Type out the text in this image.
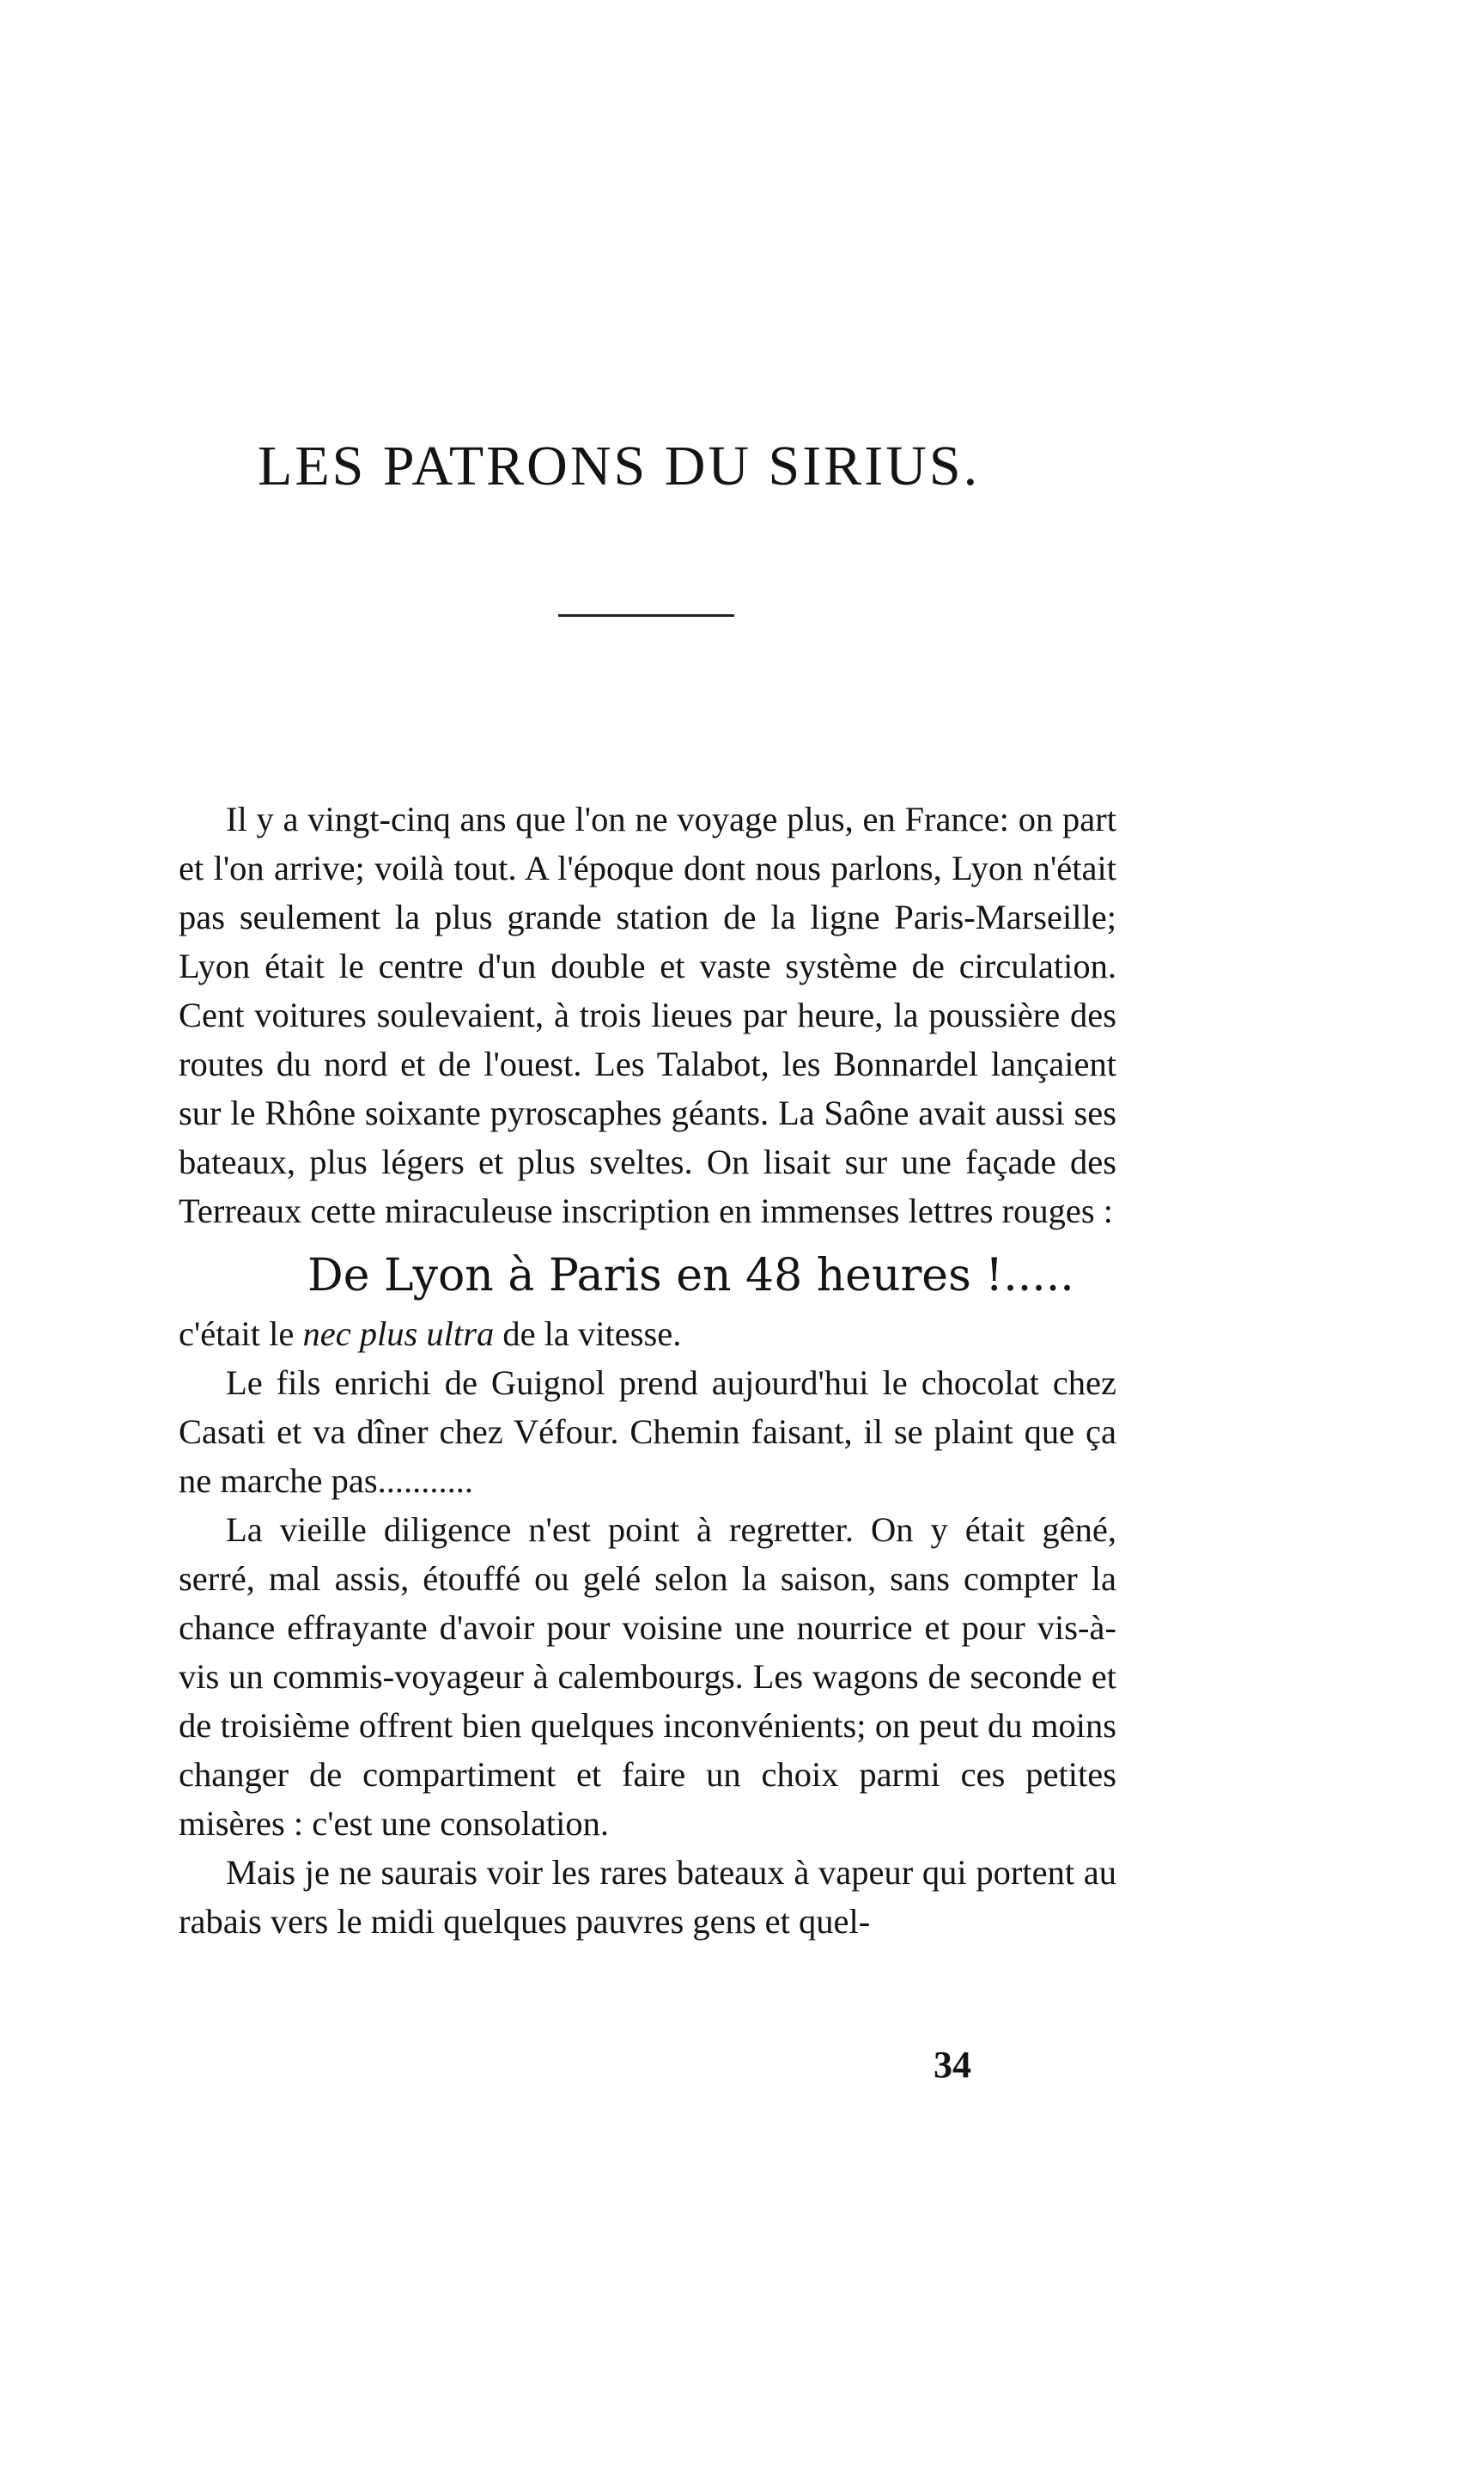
LES PATRONS DU SIRIUS.

Il y a vingt-cinq ans que l'on ne voyage plus, en France: on part et l'on arrive; voilà tout. A l'époque dont nous parlons, Lyon n'était pas seulement la plus grande station de la ligne Paris-Marseille; Lyon était le centre d'un double et vaste système de circulation. Cent voitures soulevaient, à trois lieues par heure, la poussière des routes du nord et de l'ouest. Les Talabot, les Bonnardel lançaient sur le Rhône soixante pyroscaphes géants. La Saône avait aussi ses bateaux, plus légers et plus sveltes. On lisait sur une façade des Terreaux cette miraculeuse inscription en immenses lettres rouges :

De Lyon à Paris en 48 heures !.....

c'était le nec plus ultra de la vitesse.

Le fils enrichi de Guignol prend aujourd'hui le chocolat chez Casati et va dîner chez Véfour. Chemin faisant, il se plaint que ça ne marche pas...........

La vieille diligence n'est point à regretter. On y était gêné, serré, mal assis, étouffé ou gelé selon la saison, sans compter la chance effrayante d'avoir pour voisine une nourrice et pour vis-à-vis un commis-voyageur à calembourgs. Les wagons de seconde et de troisième offrent bien quelques inconvénients; on peut du moins changer de compartiment et faire un choix parmi ces petites misères : c'est une consolation.

Mais je ne saurais voir les rares bateaux à vapeur qui portent au rabais vers le midi quelques pauvres gens et quel-

34
